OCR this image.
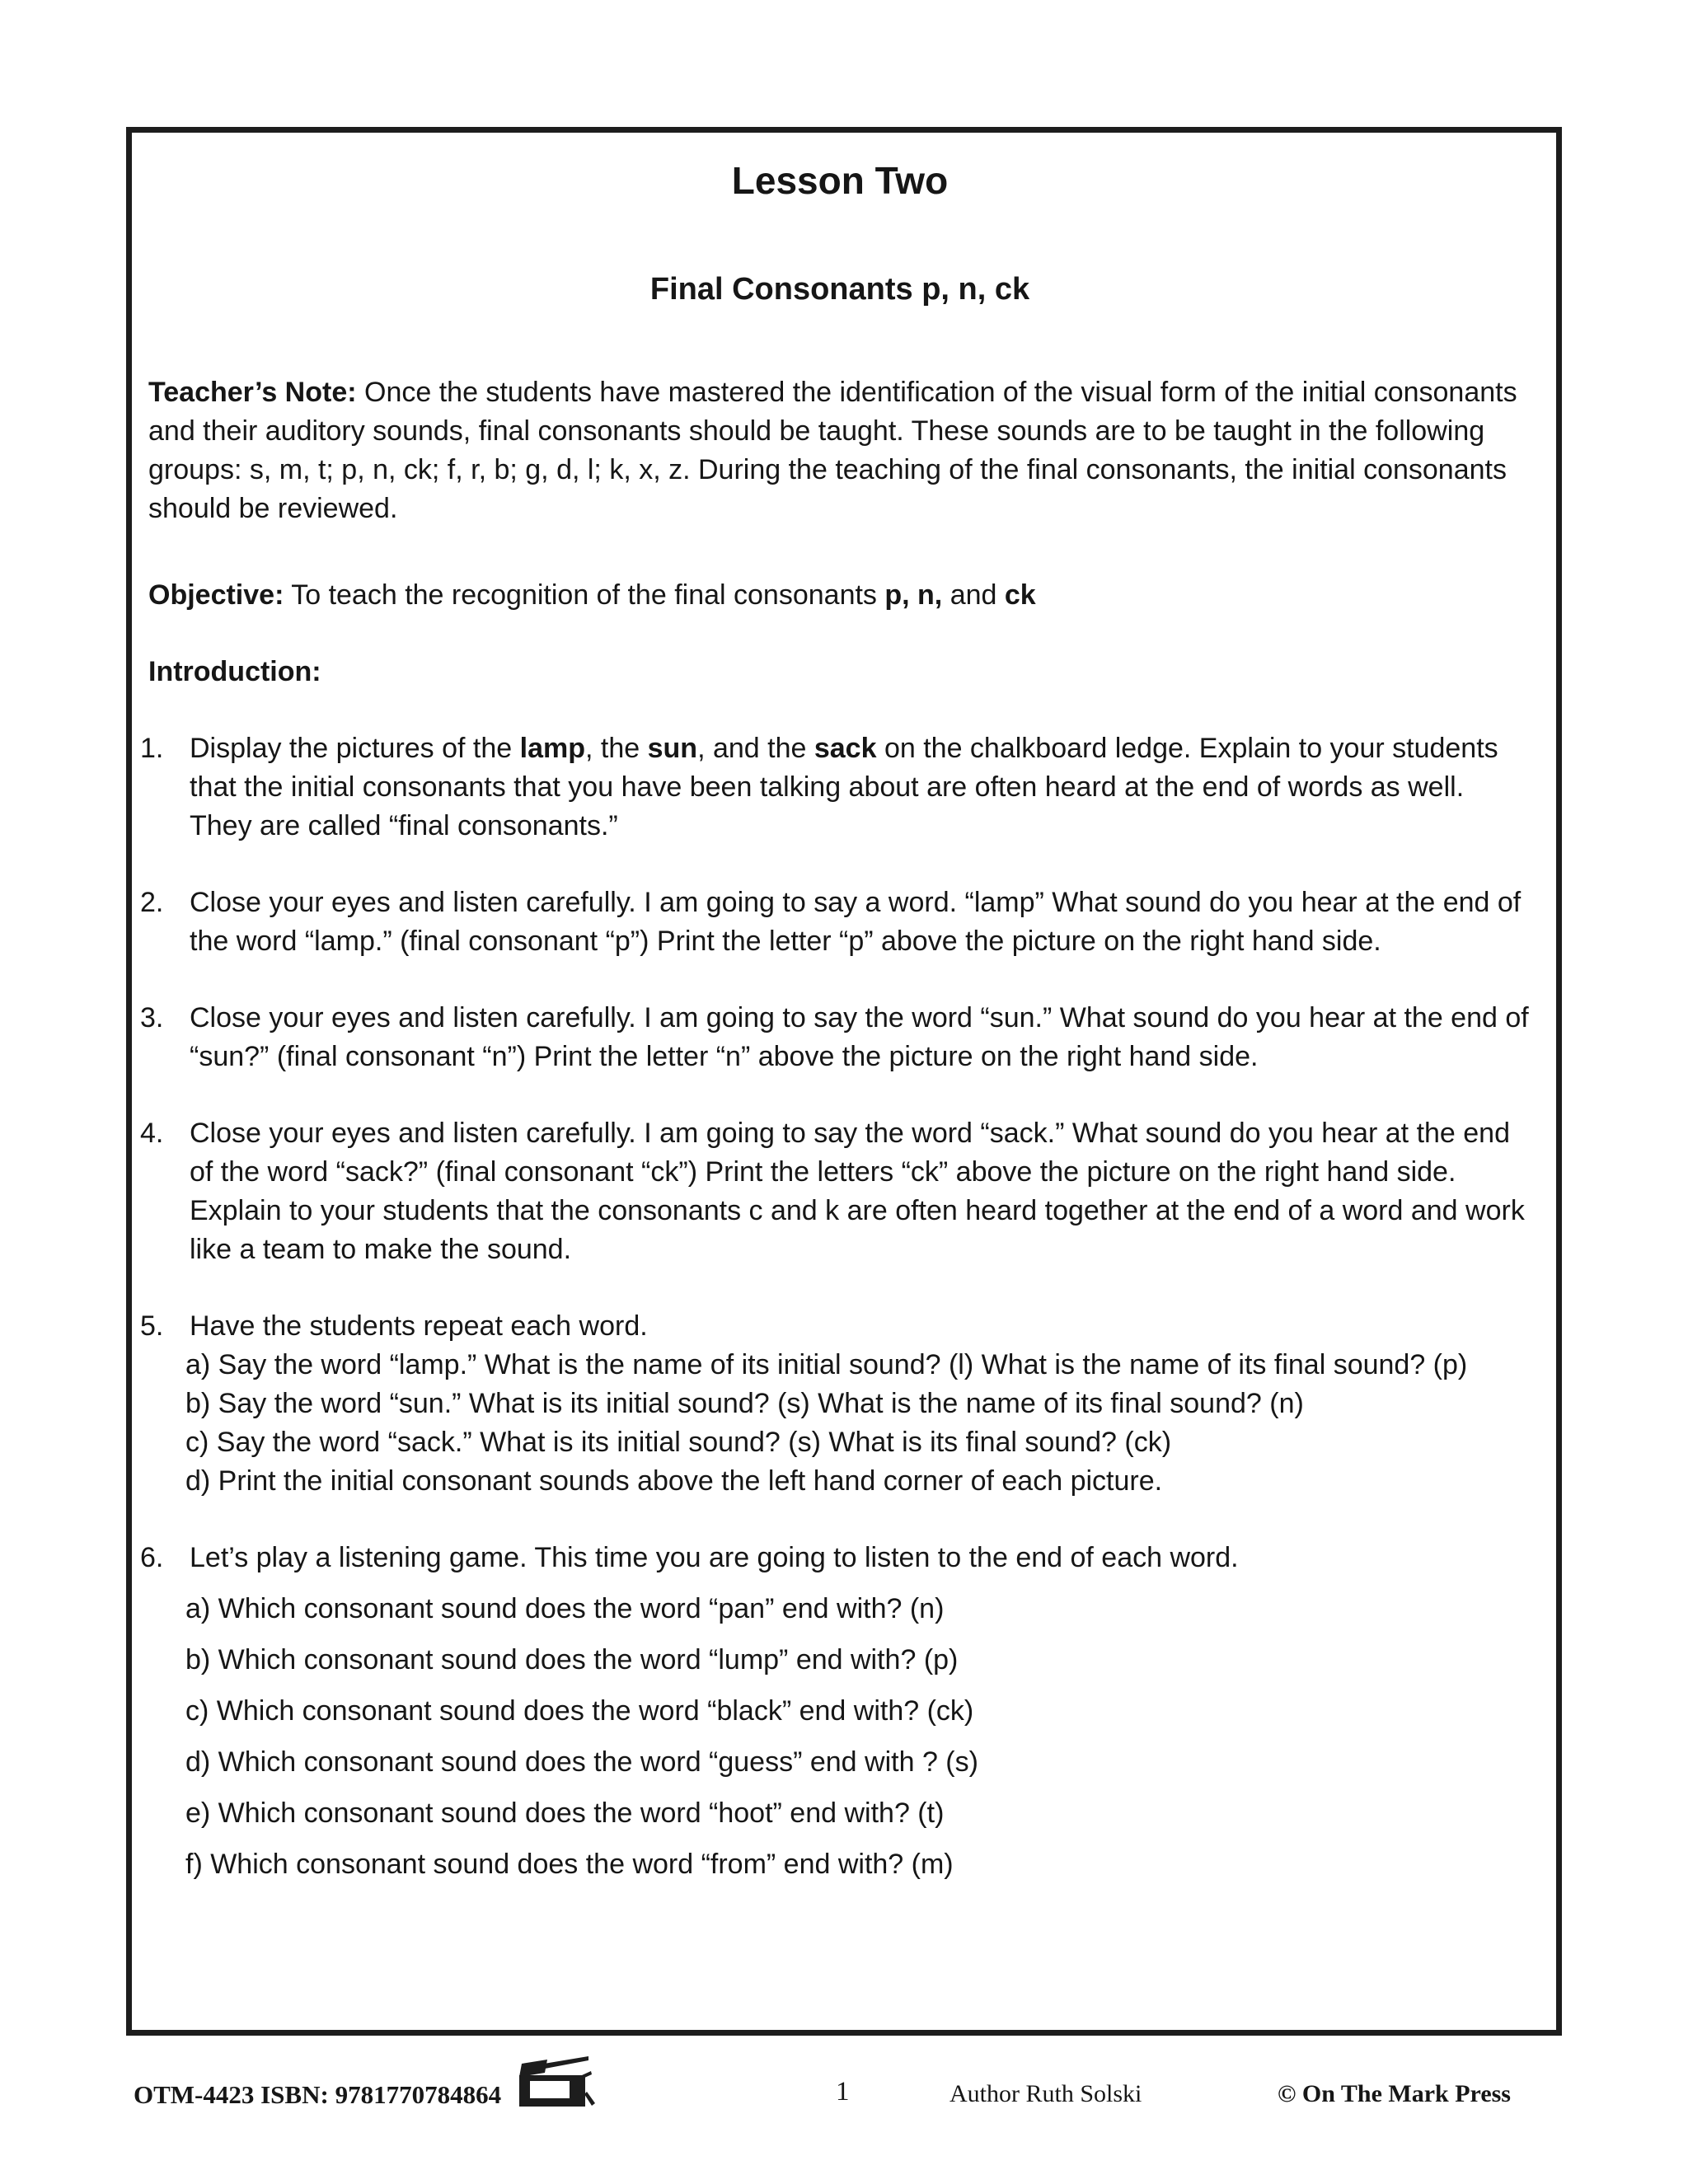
Lesson Two
Final Consonants p, n, ck

Teacher’s Note: Once the students have mastered the identification of the visual form of the initial consonants and their auditory sounds, final consonants should be taught. These sounds are to be taught in the following groups: s, m, t; p, n, ck; f, r, b; g, d, l; k, x, z. During the teaching of the final consonants, the initial consonants should be reviewed.

Objective: To teach the recognition of the final consonants p, n, and ck

Introduction:

1. Display the pictures of the lamp, the sun, and the sack on the chalkboard ledge. Explain to your students that the initial consonants that you have been talking about are often heard at the end of words as well. They are called “final consonants.”
2. Close your eyes and listen carefully. I am going to say a word. “lamp” What sound do you hear at the end of the word “lamp.” (final consonant “p”) Print the letter “p” above the picture on the right hand side.
3. Close your eyes and listen carefully. I am going to say the word “sun.” What sound do you hear at the end of “sun?” (final consonant “n”) Print the letter “n” above the picture on the right hand side.
4. Close your eyes and listen carefully. I am going to say the word “sack.” What sound do you hear at the end of the word “sack?” (final consonant “ck”) Print the letters “ck” above the picture on the right hand side. Explain to your students that the consonants c and k are often heard together at the end of a word and work like a team to make the sound.
5. Have the students repeat each word.
a) Say the word “lamp.” What is the name of its initial sound? (l) What is the name of its final sound? (p)
b) Say the word “sun.” What is its initial sound? (s) What is the name of its final sound? (n)
c) Say the word “sack.” What is its initial sound? (s) What is its final sound? (ck)
d) Print the initial consonant sounds above the left hand corner of each picture.
6. Let’s play a listening game. This time you are going to listen to the end of each word.
a) Which consonant sound does the word “pan” end with? (n)
b) Which consonant sound does the word “lump” end with? (p)
c) Which consonant sound does the word “black” end with? (ck)
d) Which consonant sound does the word “guess” end with ? (s)
e) Which consonant sound does the word “hoot” end with? (t)
f) Which consonant sound does the word “from” end with? (m)
OTM-4423 ISBN: 9781770784864	1	Author Ruth Solski	© On The Mark Press
